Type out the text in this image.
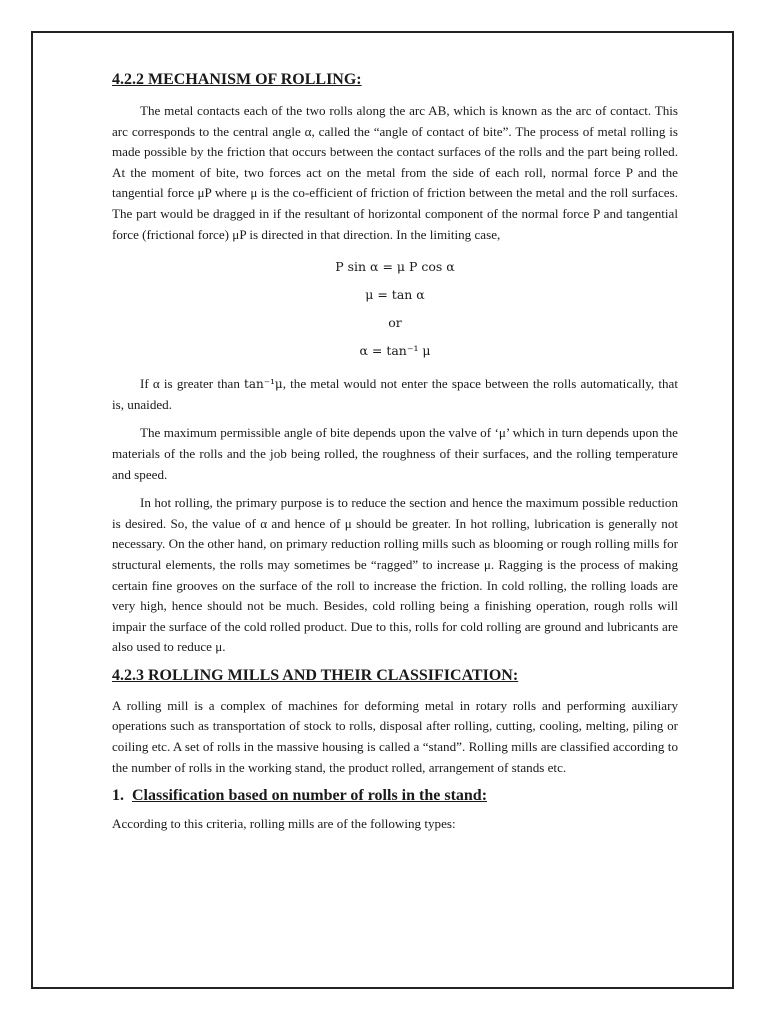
4.2.2 MECHANISM OF ROLLING:

The metal contacts each of the two rolls along the arc AB, which is known as the arc of contact. This arc corresponds to the central angle α, called the “angle of contact of bite”. The process of metal rolling is made possible by the friction that occurs between the contact surfaces of the rolls and the part being rolled. At the moment of bite, two forces act on the metal from the side of each roll, normal force P and the tangential force μP where μ is the co-efficient of friction of friction between the metal and the roll surfaces. The part would be dragged in if the resultant of horizontal component of the normal force P and tangential force (frictional force) μP is directed in that direction. In the limiting case,

P sin α = μ P cos α
μ = tan α
or
α = tan⁻¹ μ

If α is greater than tan⁻¹μ, the metal would not enter the space between the rolls automatically, that is, unaided.

The maximum permissible angle of bite depends upon the valve of ‘μ’ which in turn depends upon the materials of the rolls and the job being rolled, the roughness of their surfaces, and the rolling temperature and speed.

In hot rolling, the primary purpose is to reduce the section and hence the maximum possible reduction is desired. So, the value of α and hence of μ should be greater. In hot rolling, lubrication is generally not necessary. On the other hand, on primary reduction rolling mills such as blooming or rough rolling mills for structural elements, the rolls may sometimes be “ragged” to increase μ. Ragging is the process of making certain fine grooves on the surface of the roll to increase the friction. In cold rolling, the rolling loads are very high, hence should not be much. Besides, cold rolling being a finishing operation, rough rolls will impair the surface of the cold rolled product. Due to this, rolls for cold rolling are ground and lubricants are also used to reduce μ.

4.2.3 ROLLING MILLS AND THEIR CLASSIFICATION:

A rolling mill is a complex of machines for deforming metal in rotary rolls and performing auxiliary operations such as transportation of stock to rolls, disposal after rolling, cutting, cooling, melting, piling or coiling etc. A set of rolls in the massive housing is called a “stand”. Rolling mills are classified according to the number of rolls in the working stand, the product rolled, arrangement of stands etc.

1. Classification based on number of rolls in the stand:

According to this criteria, rolling mills are of the following types:
